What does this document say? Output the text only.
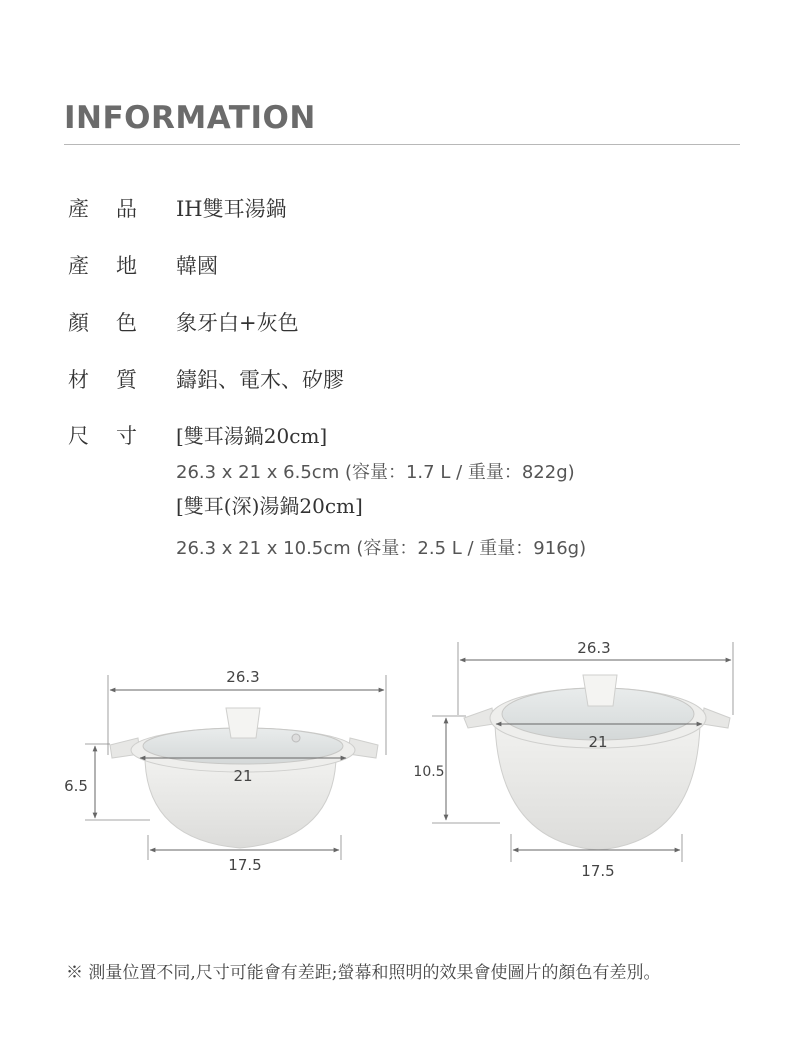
INFORMATION
產 品 IH雙耳湯鍋
產 地 韓國
顏 色 象牙白+灰色
材 質 鑄鋁、電木、矽膠
尺 寸 [雙耳湯鍋20cm]
26.3 x 21 x 6.5cm (容量：1.7 L / 重量：822g)
[雙耳(深)湯鍋20cm]
26.3 x 21 x 10.5cm (容量：2.5 L / 重量：916g)
26.3
21
6.5
17.5
26.3
21
10.5
17.5
※ 測量位置不同,尺寸可能會有差距;螢幕和照明的效果會使圖片的顏色有差別。
